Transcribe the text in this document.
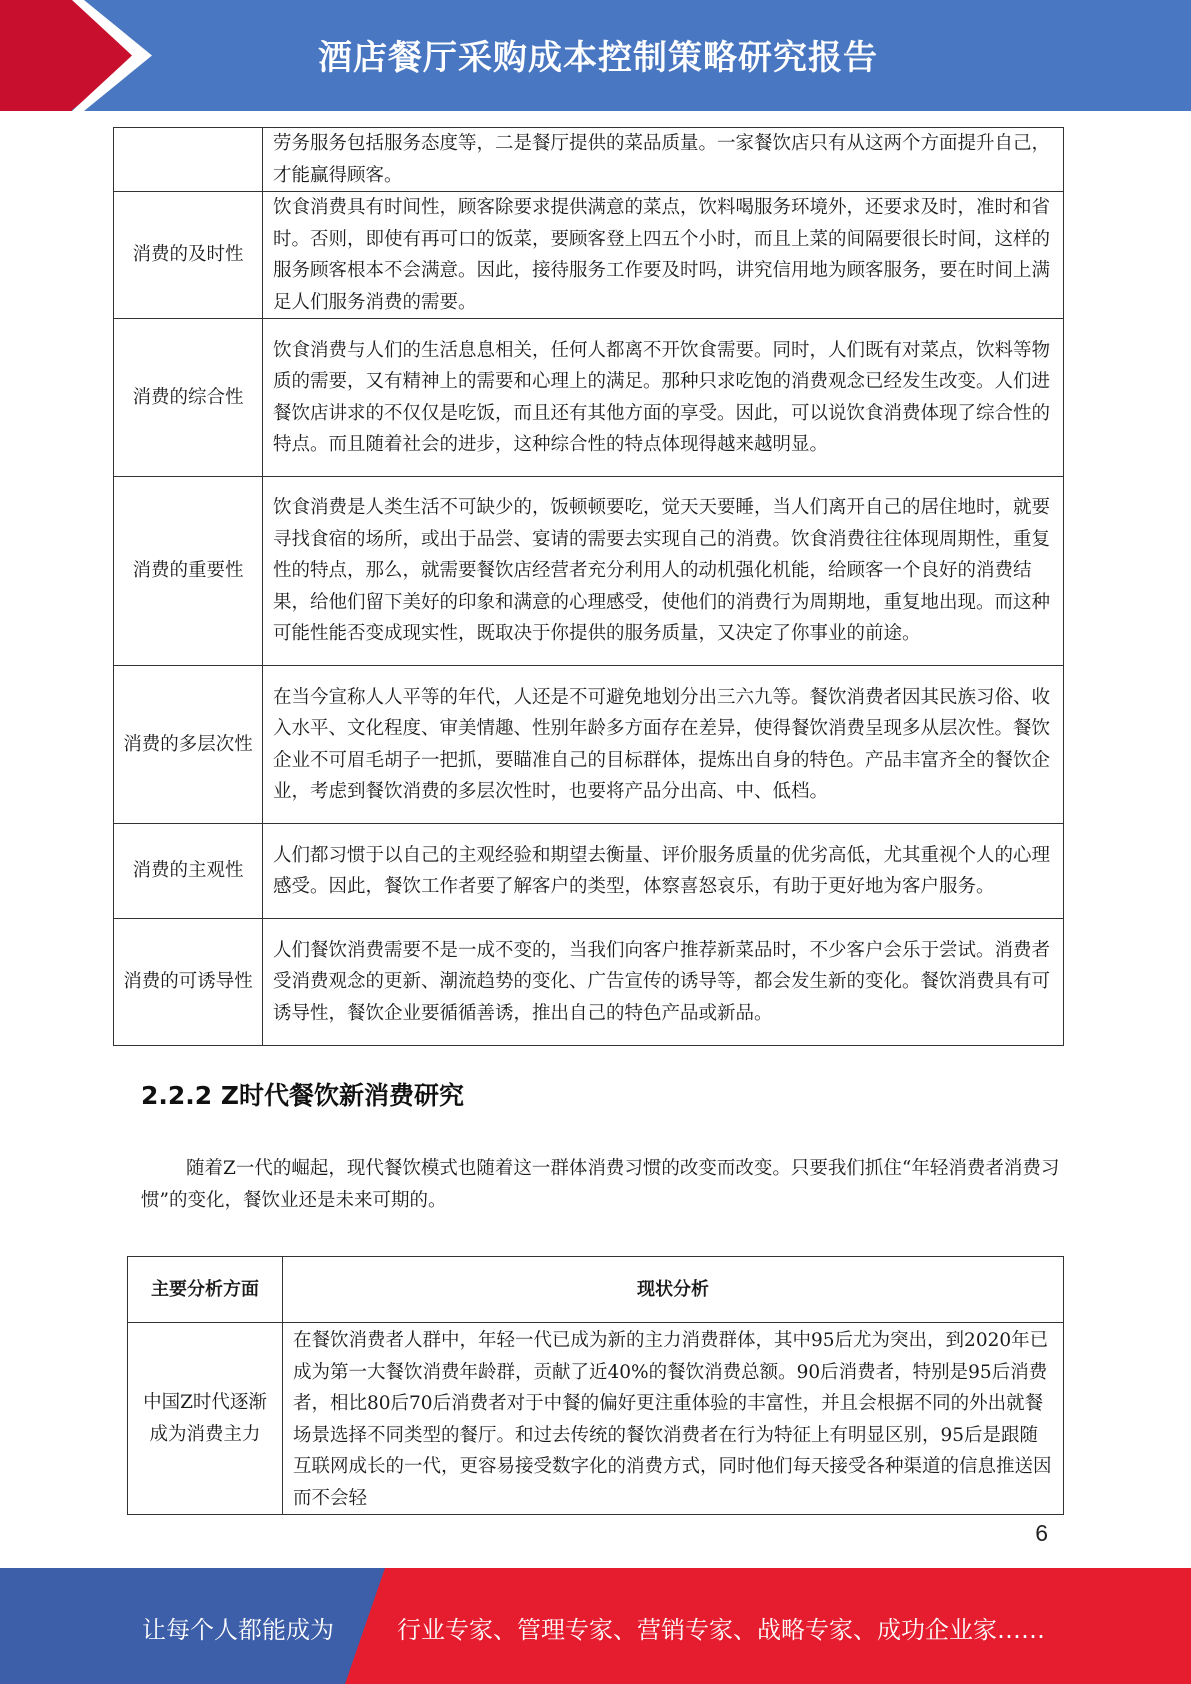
酒店餐厅采购成本控制策略研究报告
	劳务服务包括服务态度等，二是餐厅提供的菜品质量。一家餐饮店只有从这两个方面提升自己，才能赢得顾客。
消费的及时性	饮食消费具有时间性，顾客除要求提供满意的菜点，饮料喝服务环境外，还要求及时，准时和省时。否则，即使有再可口的饭菜，要顾客登上四五个小时，而且上菜的间隔要很长时间，这样的服务顾客根本不会满意。因此，接待服务工作要及时吗，讲究信用地为顾客服务，要在时间上满足人们服务消费的需要。
消费的综合性	饮食消费与人们的生活息息相关，任何人都离不开饮食需要。同时，人们既有对菜点，饮料等物质的需要，又有精神上的需要和心理上的满足。那种只求吃饱的消费观念已经发生改变。人们进餐饮店讲求的不仅仅是吃饭，而且还有其他方面的享受。因此，可以说饮食消费体现了综合性的特点。而且随着社会的进步，这种综合性的特点体现得越来越明显。
消费的重要性	饮食消费是人类生活不可缺少的，饭顿顿要吃，觉天天要睡，当人们离开自己的居住地时，就要寻找食宿的场所，或出于品尝、宴请的需要去实现自己的消费。饮食消费往往体现周期性，重复性的特点，那么，就需要餐饮店经营者充分利用人的动机强化机能，给顾客一个良好的消费结果，给他们留下美好的印象和满意的心理感受，使他们的消费行为周期地，重复地出现。而这种可能性能否变成现实性，既取决于你提供的服务质量，又决定了你事业的前途。
消费的多层次性	在当今宣称人人平等的年代，人还是不可避免地划分出三六九等。餐饮消费者因其民族习俗、收入水平、文化程度、审美情趣、性别年龄多方面存在差异，使得餐饮消费呈现多从层次性。餐饮企业不可眉毛胡子一把抓，要瞄准自己的目标群体，提炼出自身的特色。产品丰富齐全的餐饮企业，考虑到餐饮消费的多层次性时，也要将产品分出高、中、低档。
消费的主观性	人们都习惯于以自己的主观经验和期望去衡量、评价服务质量的优劣高低，尤其重视个人的心理感受。因此，餐饮工作者要了解客户的类型，体察喜怒哀乐，有助于更好地为客户服务。
消费的可诱导性	人们餐饮消费需要不是一成不变的，当我们向客户推荐新菜品时，不少客户会乐于尝试。消费者受消费观念的更新、潮流趋势的变化、广告宣传的诱导等，都会发生新的变化。餐饮消费具有可诱导性，餐饮企业要循循善诱，推出自己的特色产品或新品。
2.2.2 Z时代餐饮新消费研究

随着Z一代的崛起，现代餐饮模式也随着这一群体消费习惯的改变而改变。只要我们抓住“年轻消费者消费习惯”的变化，餐饮业还是未来可期的。

主要分析方面	现状分析
中国Z时代逐渐成为消费主力	在餐饮消费者人群中，年轻一代已成为新的主力消费群体，其中95后尤为突出，到2020年已成为第一大餐饮消费年龄群，贡献了近40%的餐饮消费总额。90后消费者，特别是95后消费者，相比80后70后消费者对于中餐的偏好更注重体验的丰富性，并且会根据不同的外出就餐场景选择不同类型的餐厅。和过去传统的餐饮消费者在行为特征上有明显区别，95后是跟随互联网成长的一代，更容易接受数字化的消费方式，同时他们每天接受各种渠道的信息推送因而不会轻
6
让每个人都能成为	行业专家、管理专家、营销专家、战略专家、成功企业家……
